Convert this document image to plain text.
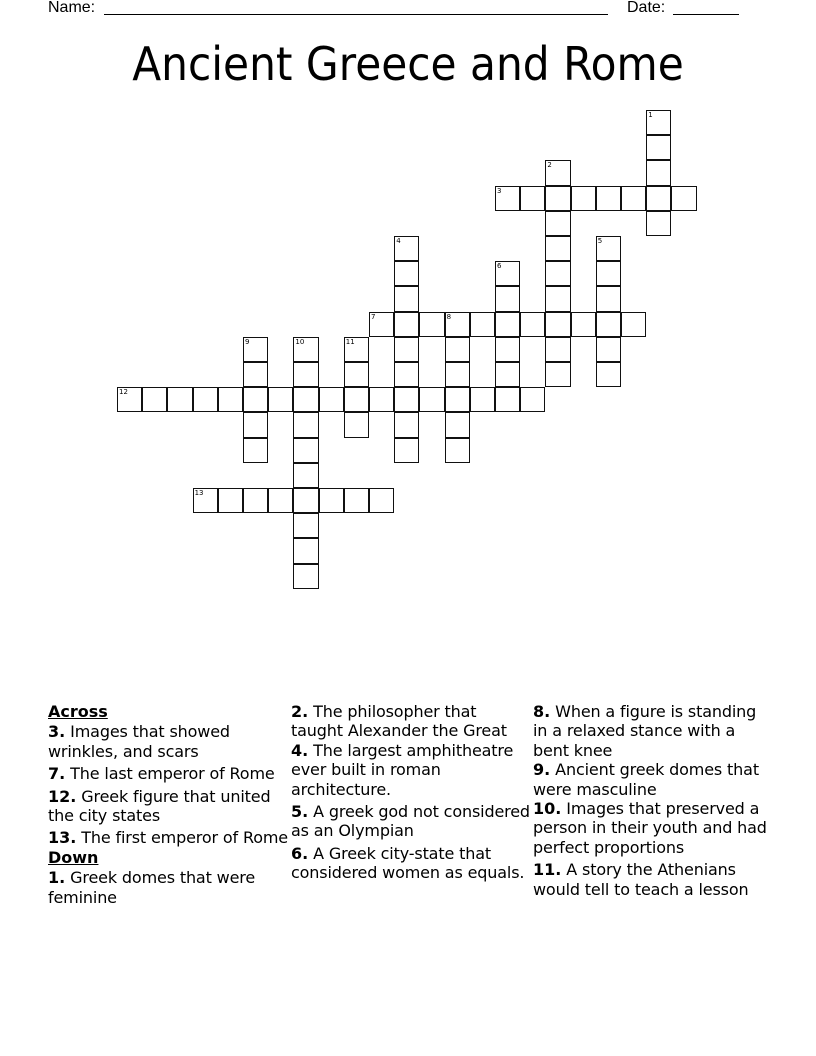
Name:	Date:
Ancient Greece and Rome
1
2
3
4	5
6
7	8
9	10	11
12
13
Across
3. Images that showed wrinkles, and scars
7. The last emperor of Rome
12. Greek figure that united the city states
13. The first emperor of Rome
Down
1. Greek domes that were feminine
2. The philosopher that taught Alexander the Great
4. The largest amphitheatre ever built in roman architecture.
5. A greek god not considered as an Olympian
6. A Greek city-state that considered women as equals.
8. When a figure is standing in a relaxed stance with a bent knee
9. Ancient greek domes that were masculine
10. Images that preserved a person in their youth and had perfect proportions
11. A story the Athenians would tell to teach a lesson
